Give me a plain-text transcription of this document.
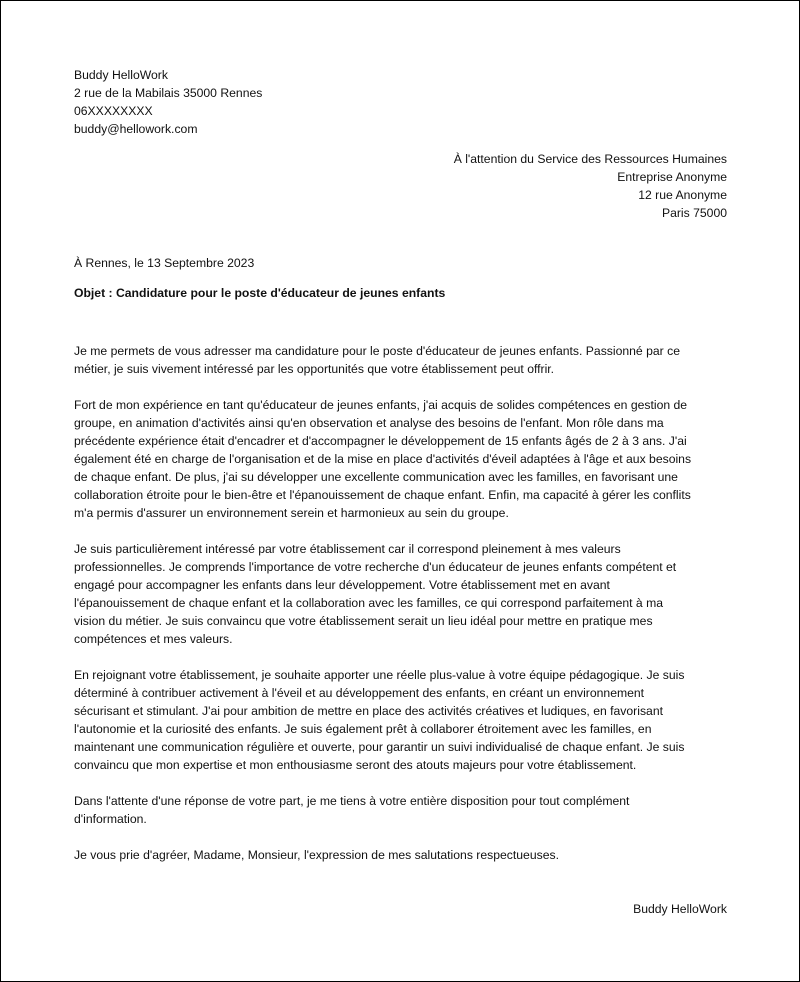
Buddy HelloWork
2 rue de la Mabilais 35000 Rennes
06XXXXXXXX
buddy@hellowork.com
À l'attention du Service des Ressources Humaines
Entreprise Anonyme
12 rue Anonyme
Paris 75000
À Rennes, le 13 Septembre 2023
Objet : Candidature pour le poste d'éducateur de jeunes enfants
Je me permets de vous adresser ma candidature pour le poste d'éducateur de jeunes enfants. Passionné par ce
métier, je suis vivement intéressé par les opportunités que votre établissement peut offrir.
Fort de mon expérience en tant qu'éducateur de jeunes enfants, j'ai acquis de solides compétences en gestion de
groupe, en animation d'activités ainsi qu'en observation et analyse des besoins de l'enfant. Mon rôle dans ma
précédente expérience était d'encadrer et d'accompagner le développement de 15 enfants âgés de 2 à 3 ans. J'ai
également été en charge de l'organisation et de la mise en place d'activités d'éveil adaptées à l'âge et aux besoins
de chaque enfant. De plus, j'ai su développer une excellente communication avec les familles, en favorisant une
collaboration étroite pour le bien-être et l'épanouissement de chaque enfant. Enfin, ma capacité à gérer les conflits
m'a permis d'assurer un environnement serein et harmonieux au sein du groupe.
Je suis particulièrement intéressé par votre établissement car il correspond pleinement à mes valeurs
professionnelles. Je comprends l'importance de votre recherche d'un éducateur de jeunes enfants compétent et
engagé pour accompagner les enfants dans leur développement. Votre établissement met en avant
l'épanouissement de chaque enfant et la collaboration avec les familles, ce qui correspond parfaitement à ma
vision du métier. Je suis convaincu que votre établissement serait un lieu idéal pour mettre en pratique mes
compétences et mes valeurs.
En rejoignant votre établissement, je souhaite apporter une réelle plus-value à votre équipe pédagogique. Je suis
déterminé à contribuer activement à l'éveil et au développement des enfants, en créant un environnement
sécurisant et stimulant. J'ai pour ambition de mettre en place des activités créatives et ludiques, en favorisant
l'autonomie et la curiosité des enfants. Je suis également prêt à collaborer étroitement avec les familles, en
maintenant une communication régulière et ouverte, pour garantir un suivi individualisé de chaque enfant. Je suis
convaincu que mon expertise et mon enthousiasme seront des atouts majeurs pour votre établissement.
Dans l'attente d'une réponse de votre part, je me tiens à votre entière disposition pour tout complément
d'information.
Je vous prie d'agréer, Madame, Monsieur, l'expression de mes salutations respectueuses.
Buddy HelloWork
